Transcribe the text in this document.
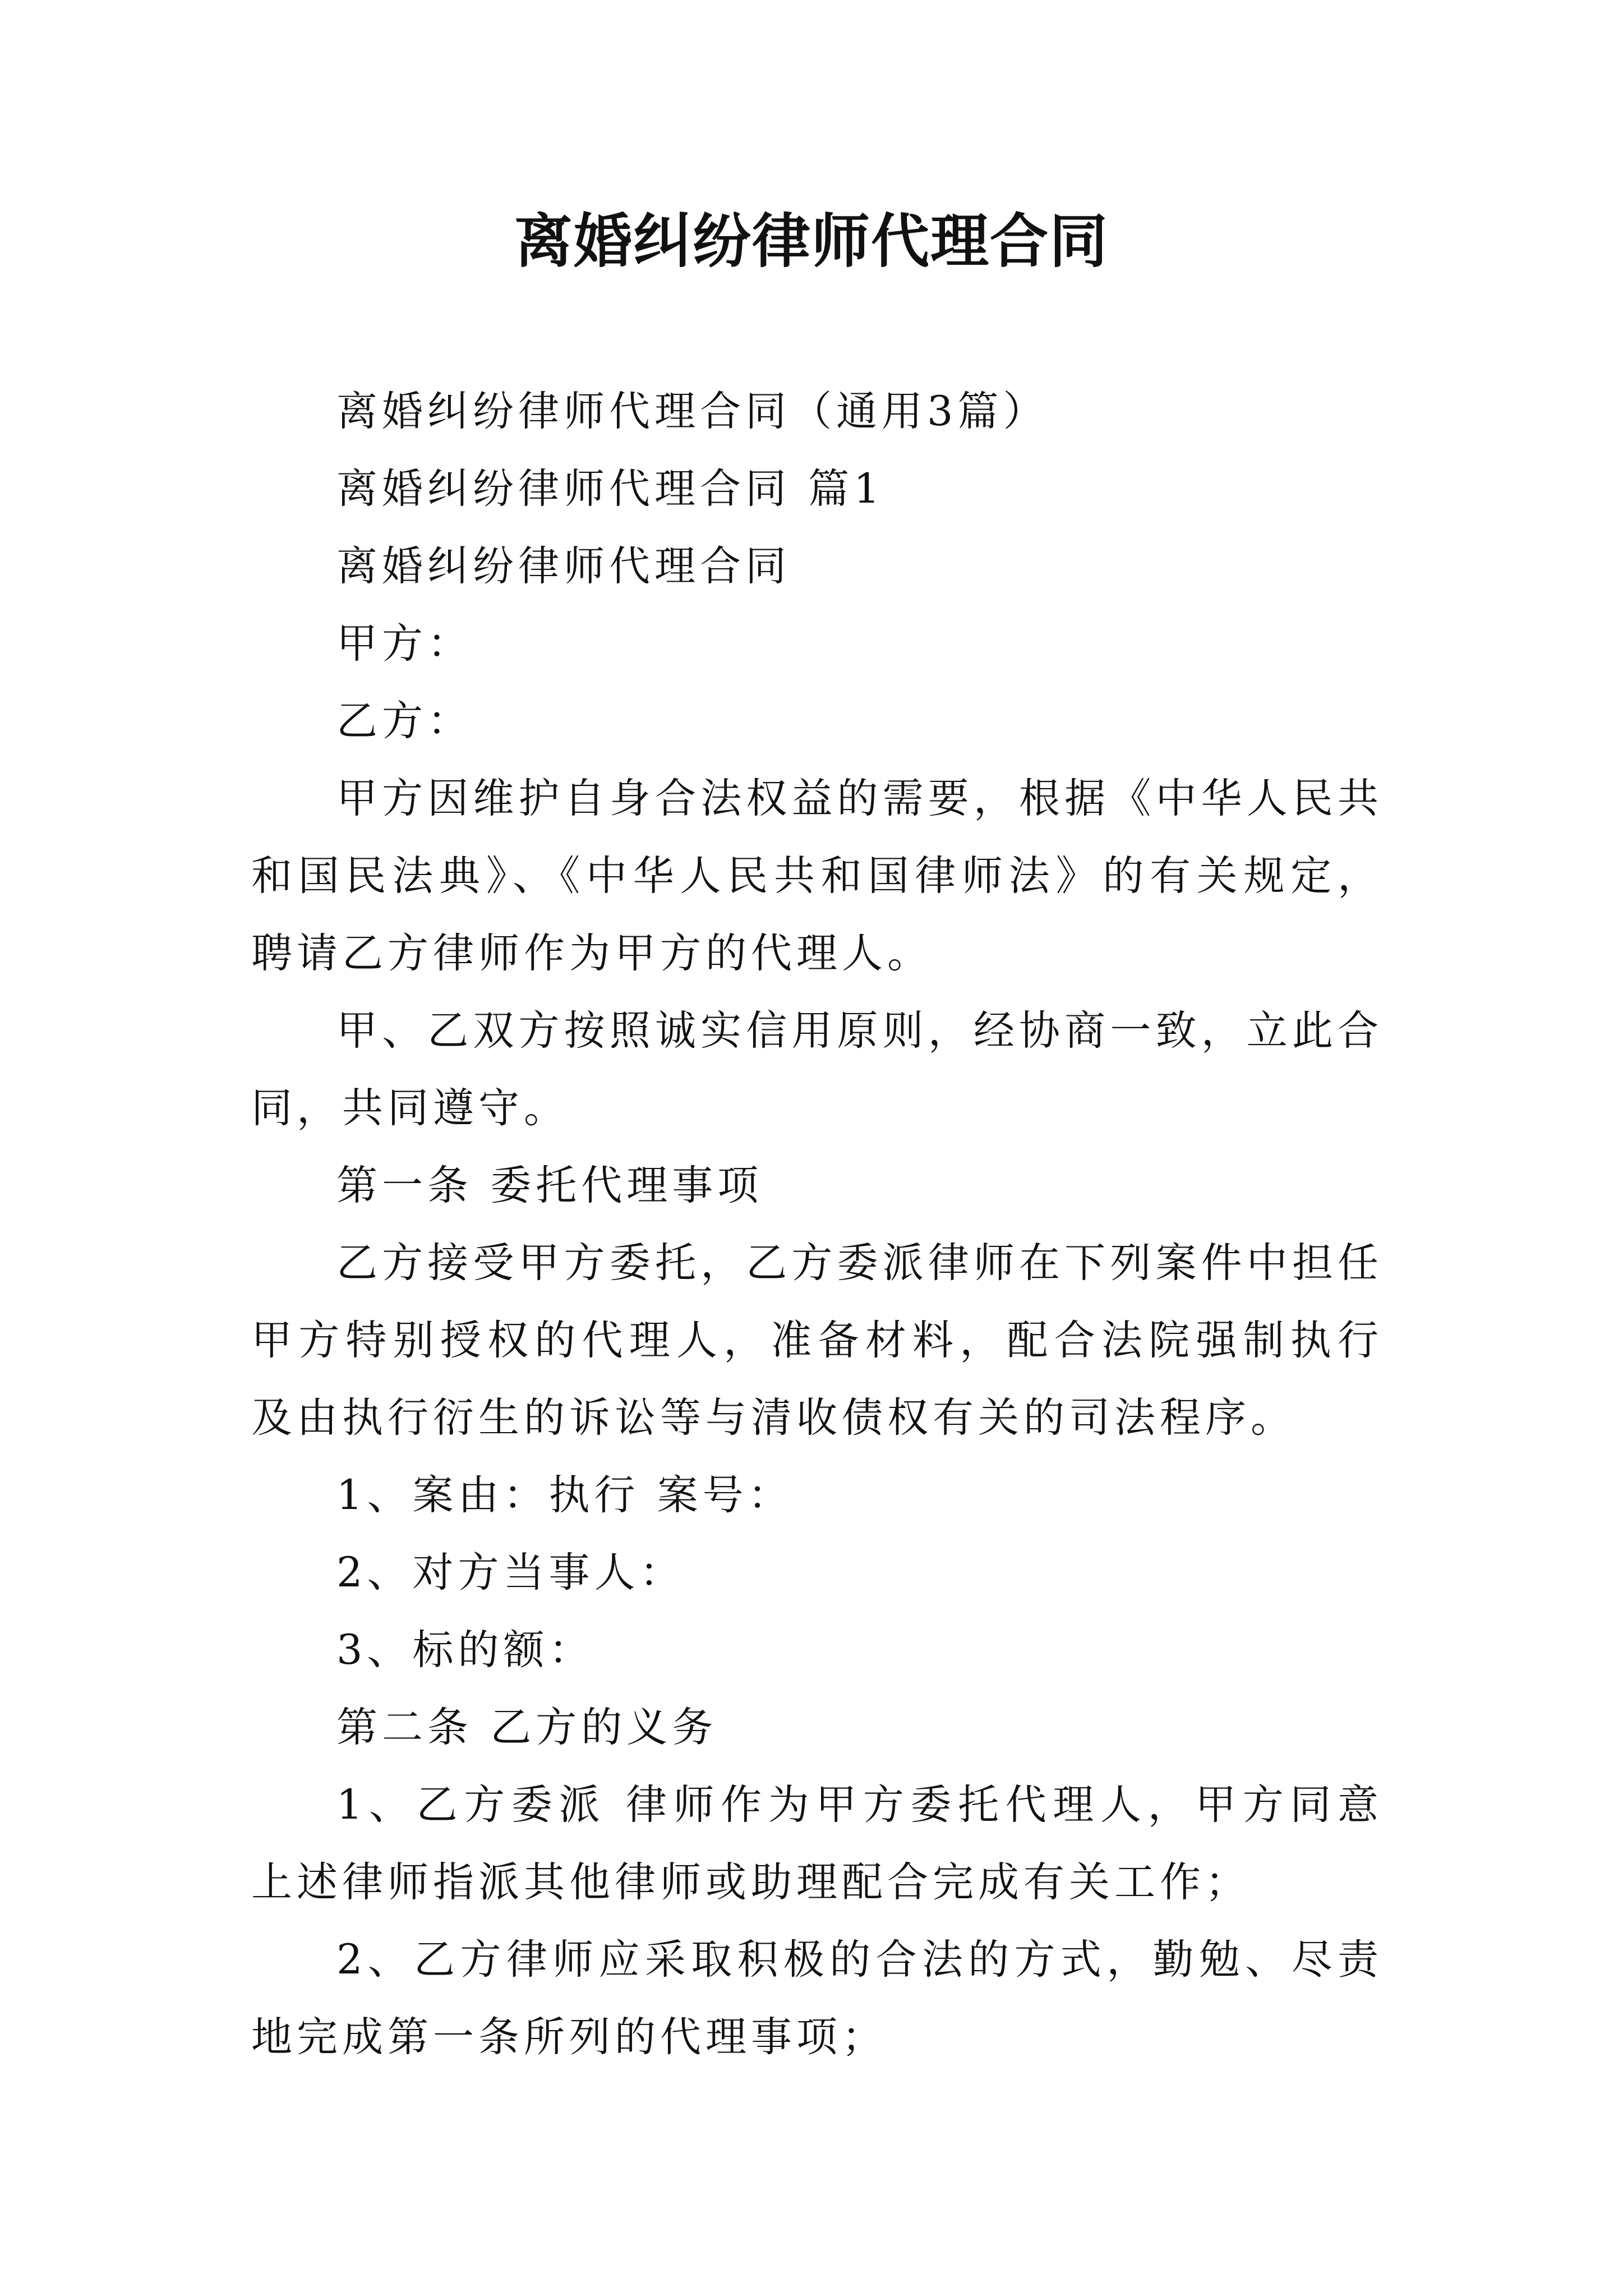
离婚纠纷律师代理合同

离婚纠纷律师代理合同（通用3篇）

离婚纠纷律师代理合同 篇1

离婚纠纷律师代理合同

甲方：

乙方：

甲方因维护自身合法权益的需要，根据《中华人民共和国民法典》、《中华人民共和国律师法》的有关规定，聘请乙方律师作为甲方的代理人。

甲、乙双方按照诚实信用原则，经协商一致，立此合同，共同遵守。

第一条 委托代理事项

乙方接受甲方委托，乙方委派律师在下列案件中担任甲方特别授权的代理人，准备材料，配合法院强制执行及由执行衍生的诉讼等与清收债权有关的司法程序。

1、案由：执行 案号：

2、对方当事人：

3、标的额：

第二条 乙方的义务

1、乙方委派 律师作为甲方委托代理人，甲方同意上述律师指派其他律师或助理配合完成有关工作；

2、乙方律师应采取积极的合法的方式，勤勉、尽责地完成第一条所列的代理事项；
